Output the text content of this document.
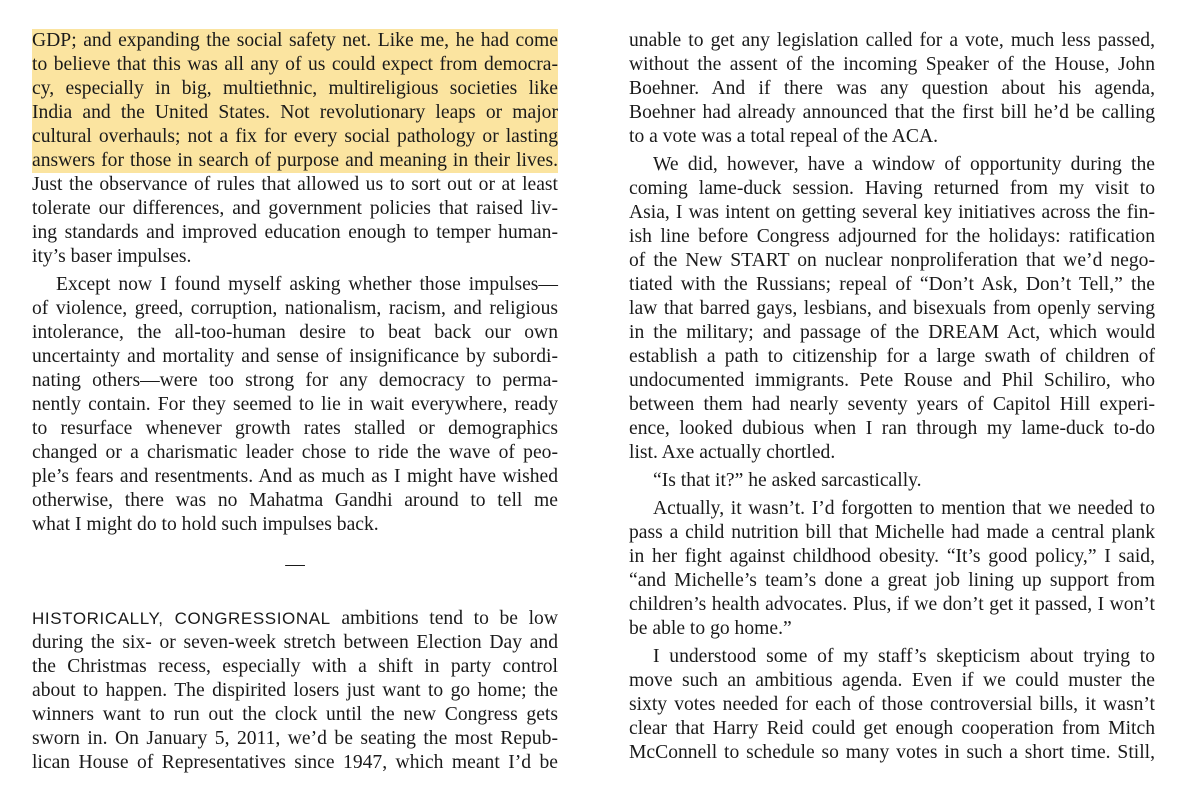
GDP; and expanding the social safety net. Like me, he had come
to believe that this was all any of us could expect from democra-
cy, especially in big, multiethnic, multireligious societies like
India and the United States. Not revolutionary leaps or major
cultural overhauls; not a fix for every social pathology or lasting
answers for those in search of purpose and meaning in their lives.
Just the observance of rules that allowed us to sort out or at least
tolerate our differences, and government policies that raised liv-
ing standards and improved education enough to temper human-
ity’s baser impulses.
Except now I found myself asking whether those impulses—
of violence, greed, corruption, nationalism, racism, and religious
intolerance, the all-too-human desire to beat back our own
uncertainty and mortality and sense of insignificance by subordi-
nating others—were too strong for any democracy to perma-
nently contain. For they seemed to lie in wait everywhere, ready
to resurface whenever growth rates stalled or demographics
changed or a charismatic leader chose to ride the wave of peo-
ple’s fears and resentments. And as much as I might have wished
otherwise, there was no Mahatma Gandhi around to tell me
what I might do to hold such impulses back.
—
HISTORICALLY, CONGRESSIONAL ambitions tend to be low
during the six- or seven-week stretch between Election Day and
the Christmas recess, especially with a shift in party control
about to happen. The dispirited losers just want to go home; the
winners want to run out the clock until the new Congress gets
sworn in. On January 5, 2011, we’d be seating the most Repub-
lican House of Representatives since 1947, which meant I’d be
unable to get any legislation called for a vote, much less passed,
without the assent of the incoming Speaker of the House, John
Boehner. And if there was any question about his agenda,
Boehner had already announced that the first bill he’d be calling
to a vote was a total repeal of the ACA.
We did, however, have a window of opportunity during the
coming lame-duck session. Having returned from my visit to
Asia, I was intent on getting several key initiatives across the fin-
ish line before Congress adjourned for the holidays: ratification
of the New START on nuclear nonproliferation that we’d nego-
tiated with the Russians; repeal of “Don’t Ask, Don’t Tell,” the
law that barred gays, lesbians, and bisexuals from openly serving
in the military; and passage of the DREAM Act, which would
establish a path to citizenship for a large swath of children of
undocumented immigrants. Pete Rouse and Phil Schiliro, who
between them had nearly seventy years of Capitol Hill experi-
ence, looked dubious when I ran through my lame-duck to-do
list. Axe actually chortled.
“Is that it?” he asked sarcastically.
Actually, it wasn’t. I’d forgotten to mention that we needed to
pass a child nutrition bill that Michelle had made a central plank
in her fight against childhood obesity. “It’s good policy,” I said,
“and Michelle’s team’s done a great job lining up support from
children’s health advocates. Plus, if we don’t get it passed, I won’t
be able to go home.”
I understood some of my staff’s skepticism about trying to
move such an ambitious agenda. Even if we could muster the
sixty votes needed for each of those controversial bills, it wasn’t
clear that Harry Reid could get enough cooperation from Mitch
McConnell to schedule so many votes in such a short time. Still,
